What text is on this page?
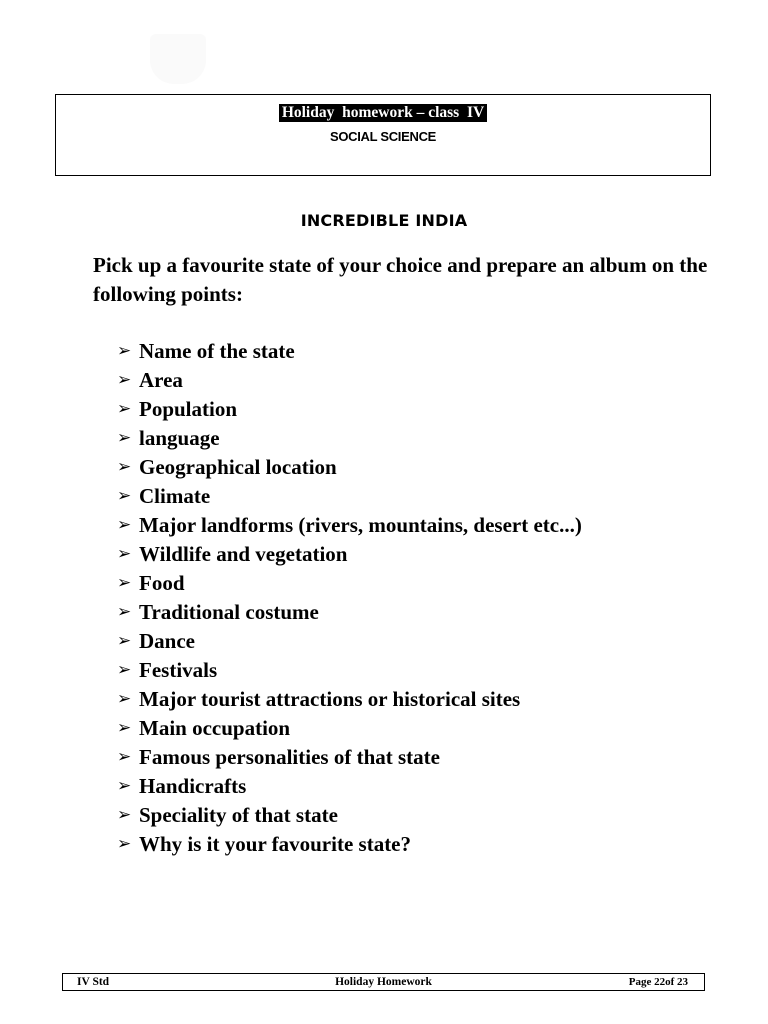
Holiday  homework – class  IV
SOCIAL SCIENCE
INCREDIBLE INDIA
Pick up a favourite state of your choice and prepare an album on the following points:
➢ Name of the state
➢ Area
➢ Population
➢ language
➢ Geographical location
➢ Climate
➢ Major landforms (rivers, mountains, desert etc...)
➢ Wildlife and vegetation
➢ Food
➢ Traditional costume
➢ Dance
➢ Festivals
➢ Major tourist attractions or historical sites
➢ Main occupation
➢ Famous personalities of that state
➢ Handicrafts
➢ Speciality of that state
➢ Why is it your favourite state?
IV Std	Holiday Homework	Page 22of 23
